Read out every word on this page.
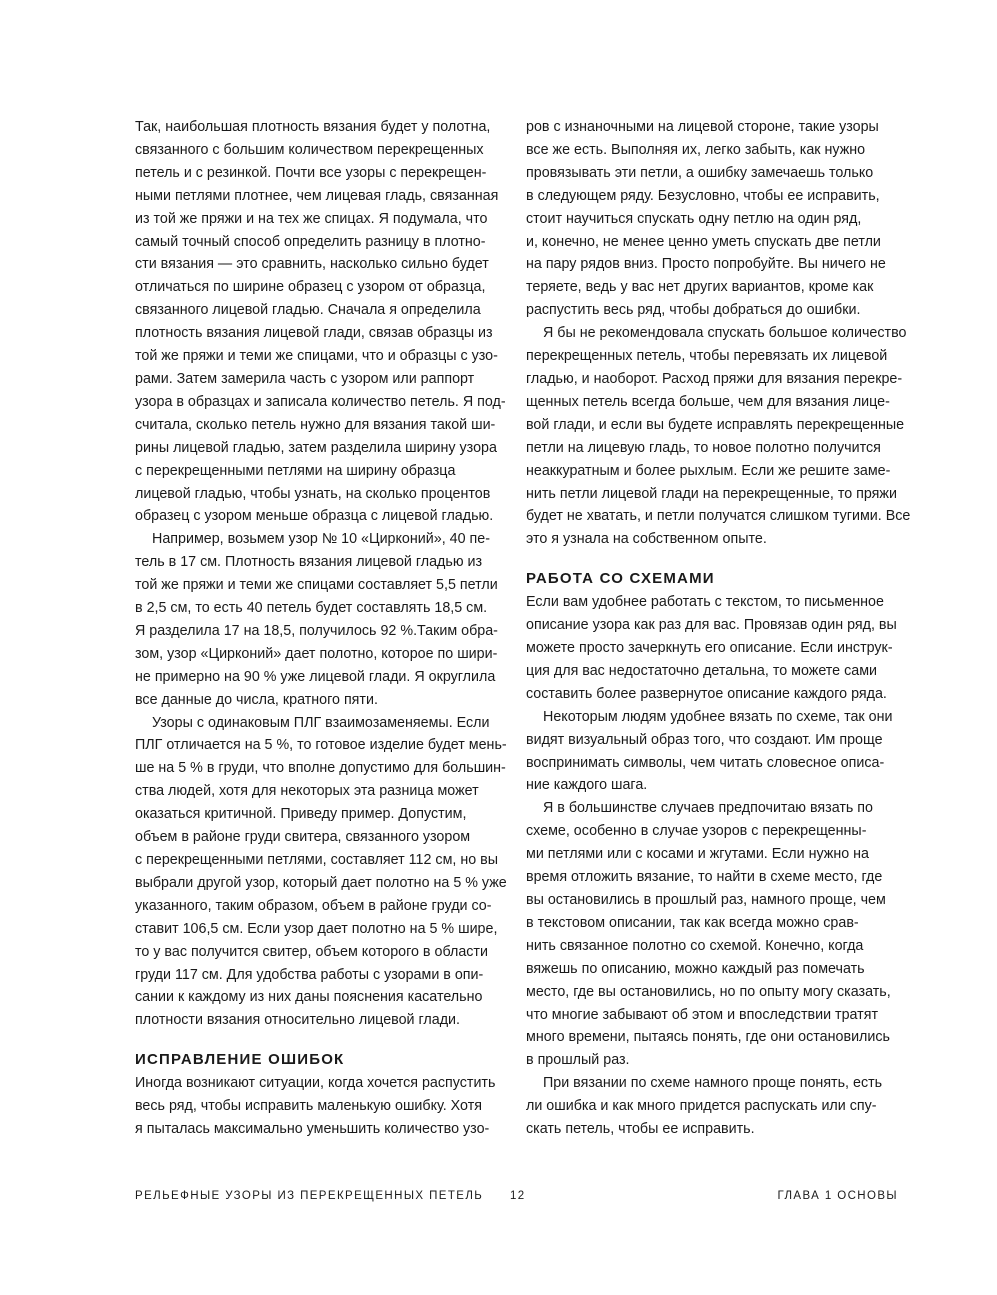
Так, наибольшая плотность вязания будет у полотна,
связанного с большим количеством перекрещенных
петель и с резинкой. Почти все узоры с перекрещен-
ными петлями плотнее, чем лицевая гладь, связанная
из той же пряжи и на тех же спицах. Я подумала, что
самый точный способ определить разницу в плотно-
сти вязания — это сравнить, насколько сильно будет
отличаться по ширине образец с узором от образца,
связанного лицевой гладью. Сначала я определила
плотность вязания лицевой глади, связав образцы из
той же пряжи и теми же спицами, что и образцы с узо-
рами. Затем замерила часть с узором или раппорт
узора в образцах и записала количество петель. Я под-
считала, сколько петель нужно для вязания такой ши-
рины лицевой гладью, затем разделила ширину узора
с перекрещенными петлями на ширину образца
лицевой гладью, чтобы узнать, на сколько процентов
образец с узором меньше образца с лицевой гладью.
Например, возьмем узор № 10 «Цирконий», 40 пе-
тель в 17 см. Плотность вязания лицевой гладью из
той же пряжи и теми же спицами составляет 5,5 петли
в 2,5 см, то есть 40 петель будет составлять 18,5 см.
Я разделила 17 на 18,5, получилось 92 %.Таким обра-
зом, узор «Цирконий» дает полотно, которое по шири-
не примерно на 90 % уже лицевой глади. Я округлила
все данные до числа, кратного пяти.
Узоры с одинаковым ПЛГ взаимозаменяемы. Если
ПЛГ отличается на 5 %, то готовое изделие будет мень-
ше на 5 % в груди, что вполне допустимо для большин-
ства людей, хотя для некоторых эта разница может
оказаться критичной. Приведу пример. Допустим,
объем в районе груди свитера, связанного узором
с перекрещенными петлями, составляет 112 см, но вы
выбрали другой узор, который дает полотно на 5 % уже
указанного, таким образом, объем в районе груди со-
ставит 106,5 см. Если узор дает полотно на 5 % шире,
то у вас получится свитер, объем которого в области
груди 117 см. Для удобства работы с узорами в опи-
сании к каждому из них даны пояснения касательно
плотности вязания относительно лицевой глади.
ИСПРАВЛЕНИЕ ОШИБОК
Иногда возникают ситуации, когда хочется распустить
весь ряд, чтобы исправить маленькую ошибку. Хотя
я пыталась максимально уменьшить количество узо-
ров с изнаночными на лицевой стороне, такие узоры
все же есть. Выполняя их, легко забыть, как нужно
провязывать эти петли, а ошибку замечаешь только
в следующем ряду. Безусловно, чтобы ее исправить,
стоит научиться спускать одну петлю на один ряд,
и, конечно, не менее ценно уметь спускать две петли
на пару рядов вниз. Просто попробуйте. Вы ничего не
теряете, ведь у вас нет других вариантов, кроме как
распустить весь ряд, чтобы добраться до ошибки.
Я бы не рекомендовала спускать большое количество
перекрещенных петель, чтобы перевязать их лицевой
гладью, и наоборот. Расход пряжи для вязания перекре-
щенных петель всегда больше, чем для вязания лице-
вой глади, и если вы будете исправлять перекрещенные
петли на лицевую гладь, то новое полотно получится
неаккуратным и более рыхлым. Если же решите заме-
нить петли лицевой глади на перекрещенные, то пряжи
будет не хватать, и петли получатся слишком тугими. Все
это я узнала на собственном опыте.
РАБОТА СО СХЕМАМИ
Если вам удобнее работать с текстом, то письменное
описание узора как раз для вас. Провязав один ряд, вы
можете просто зачеркнуть его описание. Если инструк-
ция для вас недостаточно детальна, то можете сами
составить более развернутое описание каждого ряда.
Некоторым людям удобнее вязать по схеме, так они
видят визуальный образ того, что создают. Им проще
воспринимать символы, чем читать словесное описа-
ние каждого шага.
Я в большинстве случаев предпочитаю вязать по
схеме, особенно в случае узоров с перекрещенны-
ми петлями или с косами и жгутами. Если нужно на
время отложить вязание, то найти в схеме место, где
вы остановились в прошлый раз, намного проще, чем
в текстовом описании, так как всегда можно срав-
нить связанное полотно со схемой. Конечно, когда
вяжешь по описанию, можно каждый раз помечать
место, где вы остановились, но по опыту могу сказать,
что многие забывают об этом и впоследствии тратят
много времени, пытаясь понять, где они остановились
в прошлый раз.
При вязании по схеме намного проще понять, есть
ли ошибка и как много придется распускать или спу-
скать петель, чтобы ее исправить.
РЕЛЬЕФНЫЕ УЗОРЫ ИЗ ПЕРЕКРЕЩЕННЫХ ПЕТЕЛЬ 12	ГЛАВА 1 ОСНОВЫ
